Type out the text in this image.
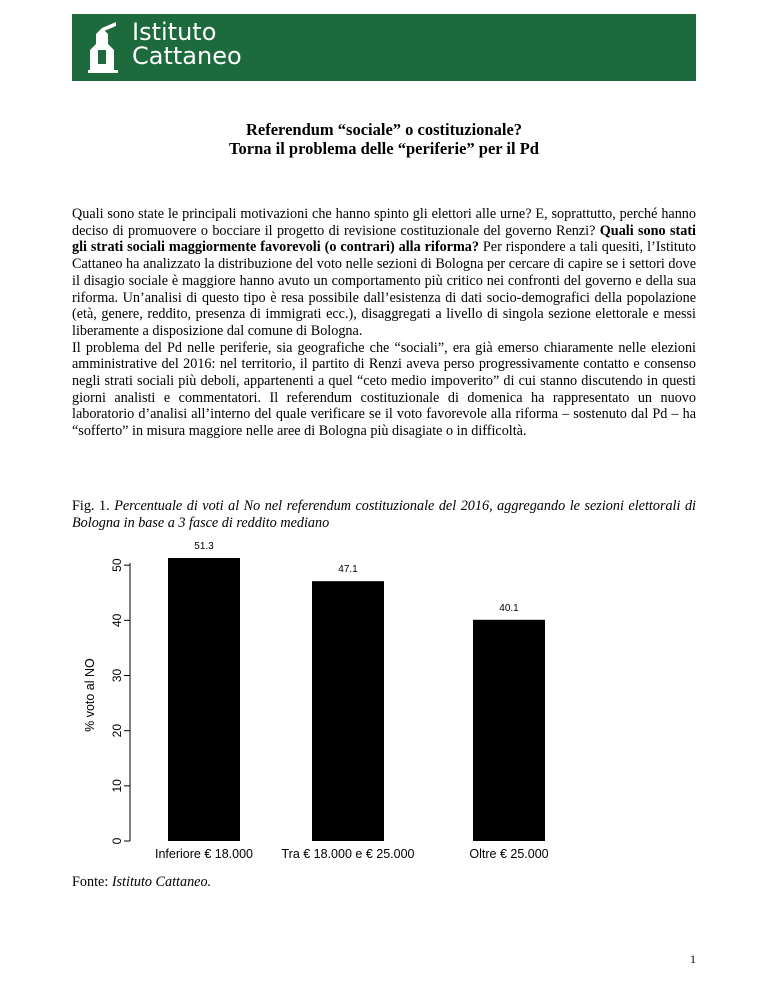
Istituto
Cattaneo
Referendum “sociale” o costituzionale?
Torna il problema delle “periferie” per il Pd

Quali sono state le principali motivazioni che hanno spinto gli elettori alle urne? E, soprattutto, perché hanno deciso di promuovere o bocciare il progetto di revisione costituzionale del governo Renzi? Quali sono stati gli strati sociali maggiormente favorevoli (o contrari) alla riforma? Per rispondere a tali quesiti, l’Istituto Cattaneo ha analizzato la distribuzione del voto nelle sezioni di Bologna per cercare di capire se i settori dove il disagio sociale è maggiore hanno avuto un comportamento più critico nei confronti del governo e della sua riforma. Un’analisi di questo tipo è resa possibile dall’esistenza di dati socio-demografici della popolazione (età, genere, reddito, presenza di immigrati ecc.), disaggregati a livello di singola sezione elettorale e messi liberamente a disposizione dal comune di Bologna.

Il problema del Pd nelle periferie, sia geografiche che “sociali”, era già emerso chiaramente nelle elezioni amministrative del 2016: nel territorio, il partito di Renzi aveva perso progressivamente contatto e consenso negli strati sociali più deboli, appartenenti a quel “ceto medio impoverito” di cui stanno discutendo in questi giorni analisti e commentatori. Il referendum costituzionale di domenica ha rappresentato un nuovo laboratorio d’analisi all’interno del quale verificare se il voto favorevole alla riforma – sostenuto dal Pd – ha “sofferto” in misura maggiore nelle aree di Bologna più disagiate o in difficoltà.

Fig. 1. Percentuale di voti al No nel referendum costituzionale del 2016, aggregando le sezioni elettorali di Bologna in base a 3 fasce di reddito mediano
0
10
20
30
40
50
% voto al NO
51.3
Inferiore € 18.000
47.1
Tra € 18.000 e € 25.000
40.1
Oltre € 25.000
Fonte: Istituto Cattaneo.
1
